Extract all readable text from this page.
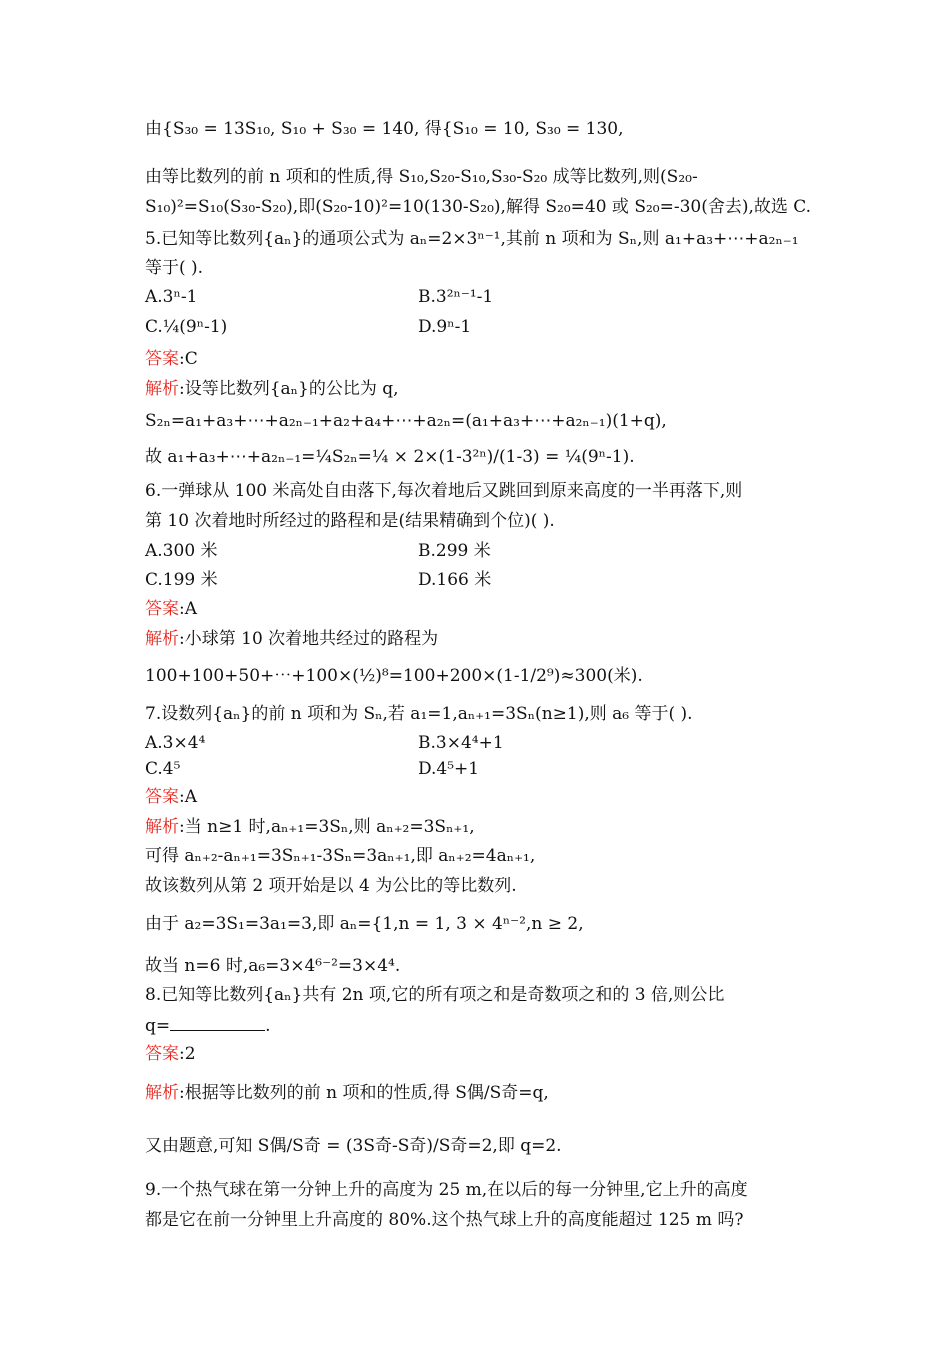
由{S₃₀ = 13S₁₀, S₁₀ + S₃₀ = 140, 得{S₁₀ = 10, S₃₀ = 130,
由等比数列的前 n 项和的性质,得 S₁₀,S₂₀-S₁₀,S₃₀-S₂₀ 成等比数列,则(S₂₀-
S₁₀)²=S₁₀(S₃₀-S₂₀),即(S₂₀-10)²=10(130-S₂₀),解得 S₂₀=40 或 S₂₀=-30(舍去),故选 C.
5.已知等比数列{aₙ}的通项公式为 aₙ=2×3ⁿ⁻¹,其前 n 项和为 Sₙ,则 a₁+a₃+⋯+a₂ₙ₋₁
等于( ).
A.3ⁿ-1	B.3²ⁿ⁻¹-1
C.¼(9ⁿ-1)	D.9ⁿ-1
答案:C
解析:设等比数列{aₙ}的公比为 q,
S₂ₙ=a₁+a₃+⋯+a₂ₙ₋₁+a₂+a₄+⋯+a₂ₙ=(a₁+a₃+⋯+a₂ₙ₋₁)(1+q),
故 a₁+a₃+⋯+a₂ₙ₋₁=¼S₂ₙ=¼ × 2×(1-3²ⁿ)/(1-3) = ¼(9ⁿ-1).
6.一弹球从 100 米高处自由落下,每次着地后又跳回到原来高度的一半再落下,则
第 10 次着地时所经过的路程和是(结果精确到个位)( ).
A.300 米	B.299 米
C.199 米	D.166 米
答案:A
解析:小球第 10 次着地共经过的路程为
100+100+50+⋯+100×(½)⁸=100+200×(1-1/2⁹)≈300(米).
7.设数列{aₙ}的前 n 项和为 Sₙ,若 a₁=1,aₙ₊₁=3Sₙ(n≥1),则 a₆ 等于( ).
A.3×4⁴	B.3×4⁴+1
C.4⁵	D.4⁵+1
答案:A
解析:当 n≥1 时,aₙ₊₁=3Sₙ,则 aₙ₊₂=3Sₙ₊₁,
可得 aₙ₊₂-aₙ₊₁=3Sₙ₊₁-3Sₙ=3aₙ₊₁,即 aₙ₊₂=4aₙ₊₁,
故该数列从第 2 项开始是以 4 为公比的等比数列.
由于 a₂=3S₁=3a₁=3,即 aₙ={1,n = 1, 3 × 4ⁿ⁻²,n ≥ 2,
故当 n=6 时,a₆=3×4⁶⁻²=3×4⁴.
8.已知等比数列{aₙ}共有 2n 项,它的所有项之和是奇数项之和的 3 倍,则公比
q=	.
答案:2
解析:根据等比数列的前 n 项和的性质,得 S偶/S奇=q,
又由题意,可知 S偶/S奇 = (3S奇-S奇)/S奇=2,即 q=2.
9.一个热气球在第一分钟上升的高度为 25 m,在以后的每一分钟里,它上升的高度
都是它在前一分钟里上升高度的 80%.这个热气球上升的高度能超过 125 m 吗?
